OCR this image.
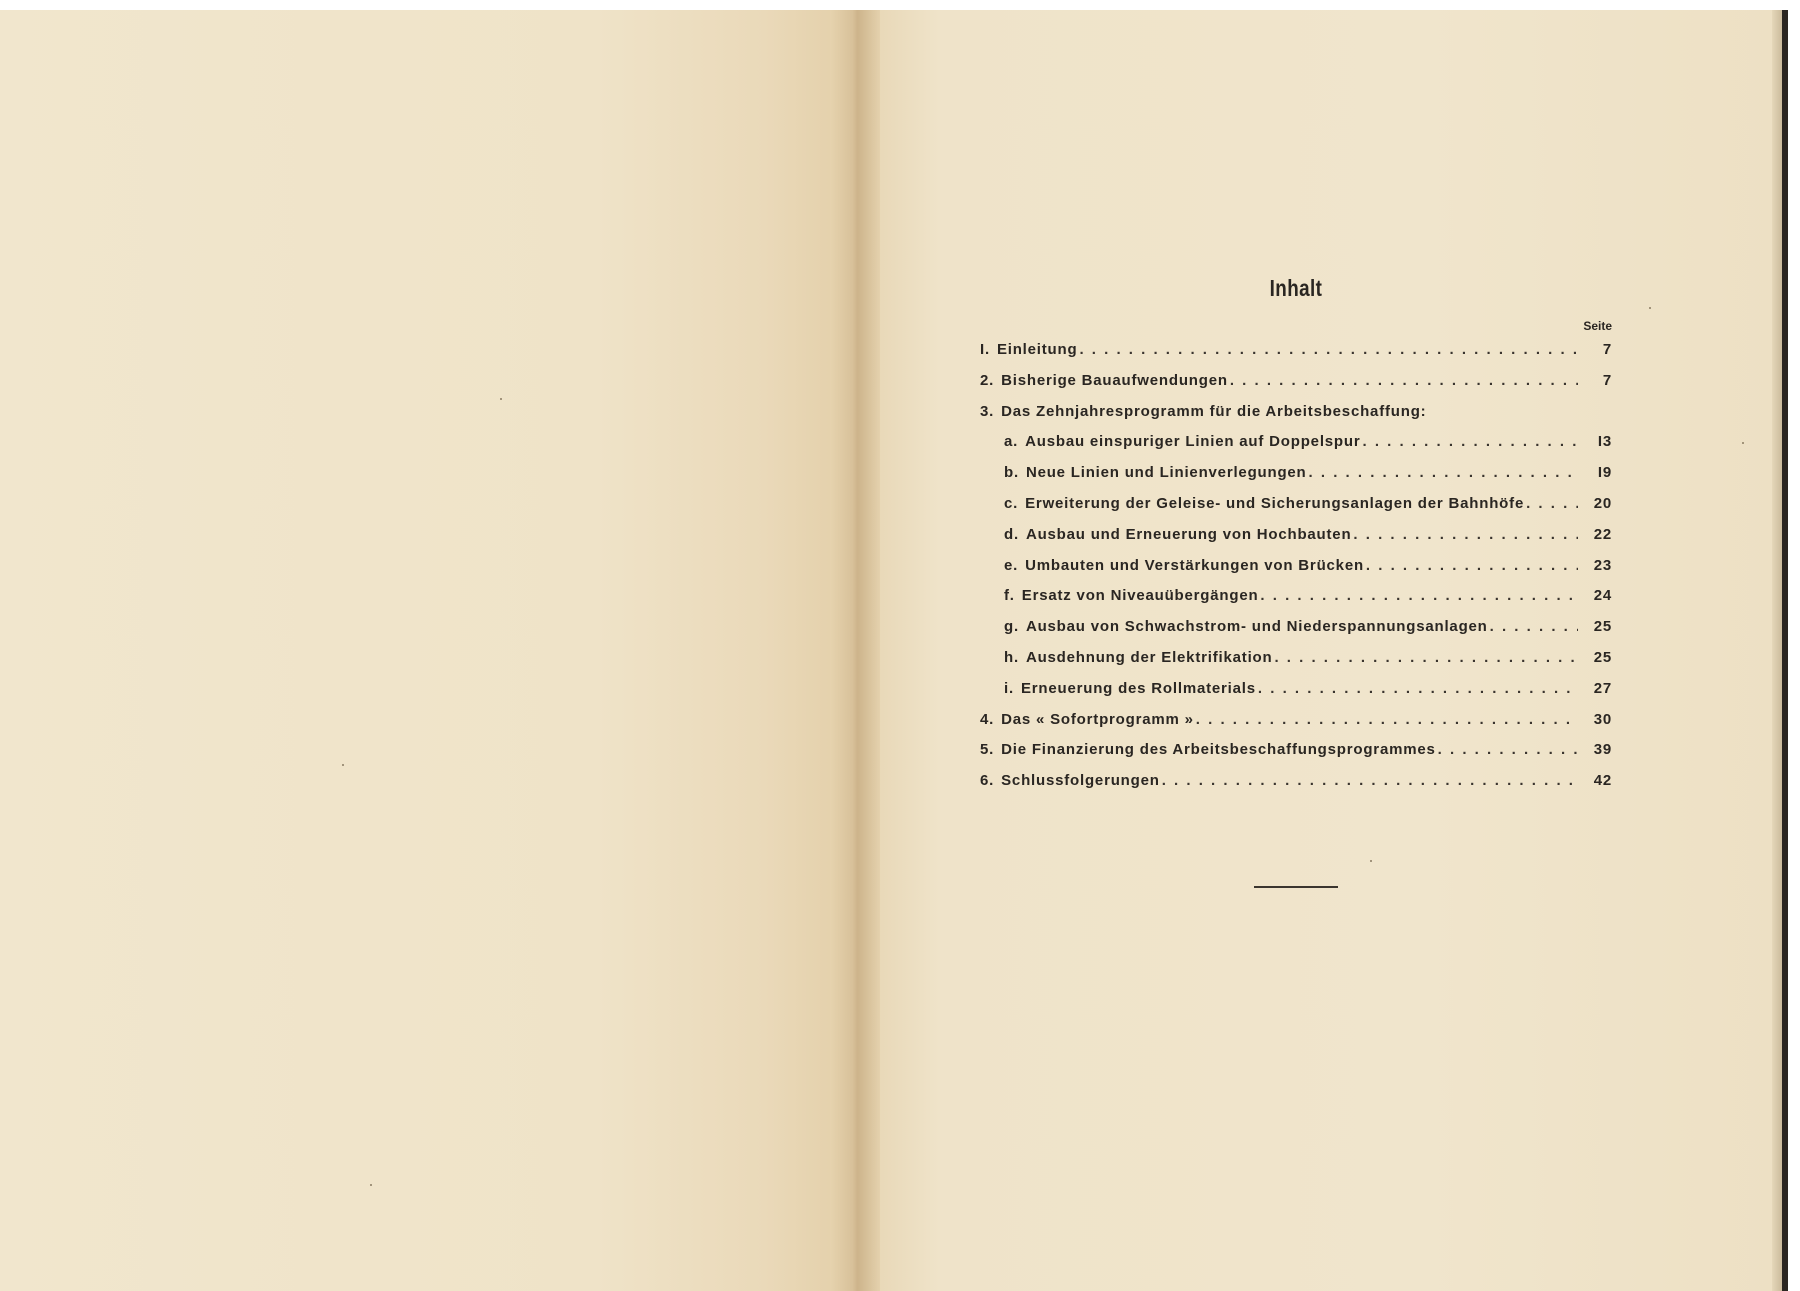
Inhalt
Seite
I. Einleitung . . .	7
2. Bisherige Bauaufwendungen . . .	7
3. Das Zehnjahresprogramm für die Arbeitsbeschaffung:
a. Ausbau einspuriger Linien auf Doppelspur . . .	I3
b. Neue Linien und Linienverlegungen . . .	I9
c. Erweiterung der Geleise- und Sicherungsanlagen der Bahnhöfe . . .	20
d. Ausbau und Erneuerung von Hochbauten . . .	22
e. Umbauten und Verstärkungen von Brücken . . .	23
f. Ersatz von Niveauübergängen . . .	24
g. Ausbau von Schwachstrom- und Niederspannungsanlagen . . .	25
h. Ausdehnung der Elektrifikation . . .	25
i. Erneuerung des Rollmaterials . . .	27
4. Das « Sofortprogramm » . . .	30
5. Die Finanzierung des Arbeitsbeschaffungsprogrammes . . .	39
6. Schlussfolgerungen . . .	42
